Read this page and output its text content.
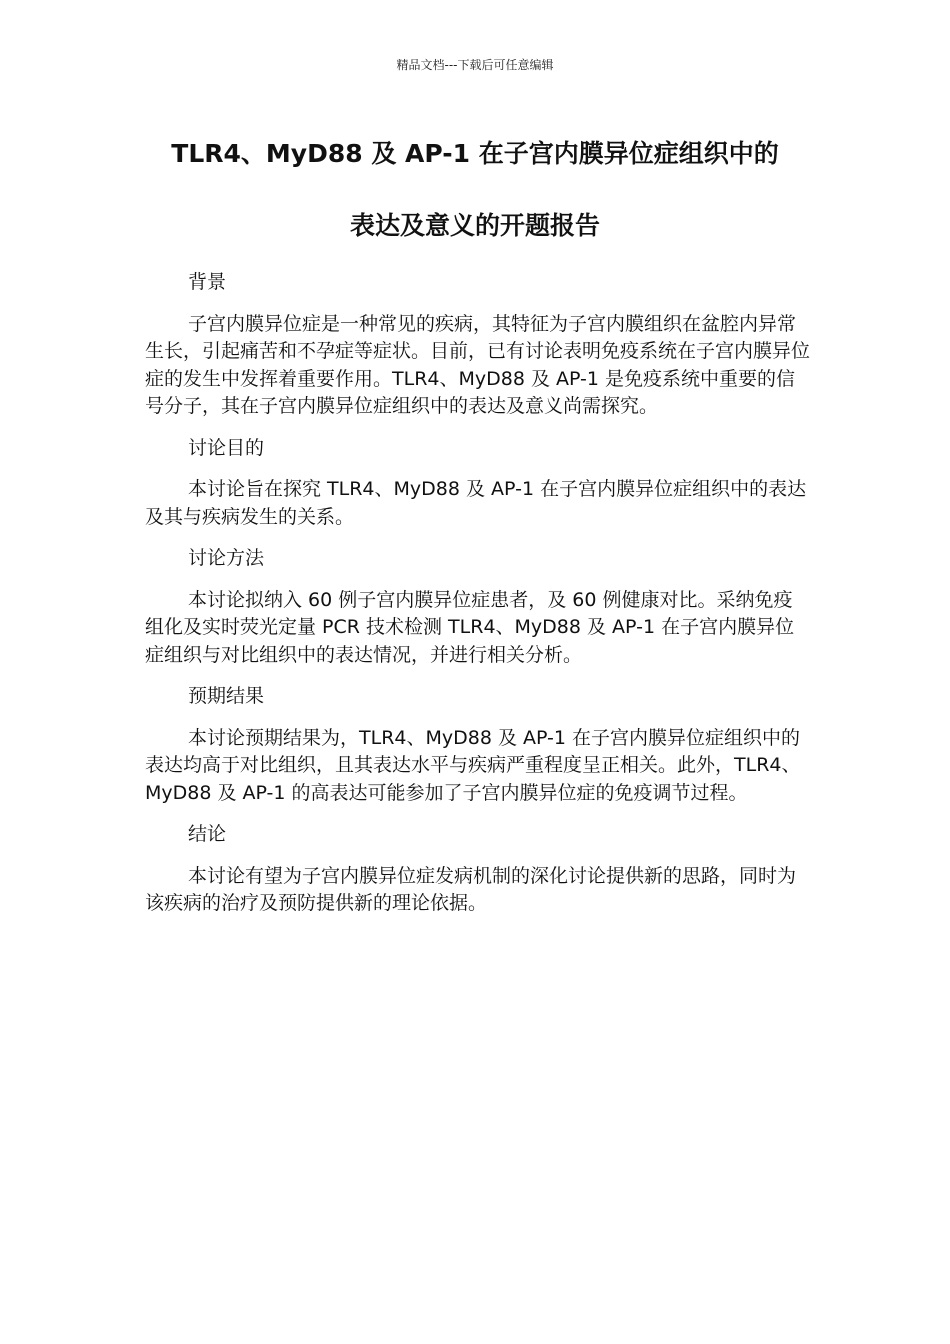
精品文档---下载后可任意编辑
TLR4、MyD88 及 AP-1 在子宫内膜异位症组织中的
表达及意义的开题报告

背景

子宫内膜异位症是一种常见的疾病，其特征为子宫内膜组织在盆腔内异常生长，引起痛苦和不孕症等症状。目前，已有讨论表明免疫系统在子宫内膜异位症的发生中发挥着重要作用。TLR4、MyD88 及 AP-1 是免疫系统中重要的信号分子，其在子宫内膜异位症组织中的表达及意义尚需探究。

讨论目的

本讨论旨在探究 TLR4、MyD88 及 AP-1 在子宫内膜异位症组织中的表达及其与疾病发生的关系。

讨论方法

本讨论拟纳入 60 例子宫内膜异位症患者，及 60 例健康对比。采纳免疫组化及实时荧光定量 PCR 技术检测 TLR4、MyD88 及 AP-1 在子宫内膜异位症组织与对比组织中的表达情况，并进行相关分析。

预期结果

本讨论预期结果为，TLR4、MyD88 及 AP-1 在子宫内膜异位症组织中的表达均高于对比组织，且其表达水平与疾病严重程度呈正相关。此外，TLR4、MyD88 及 AP-1 的高表达可能参加了子宫内膜异位症的免疫调节过程。

结论

本讨论有望为子宫内膜异位症发病机制的深化讨论提供新的思路，同时为该疾病的治疗及预防提供新的理论依据。
